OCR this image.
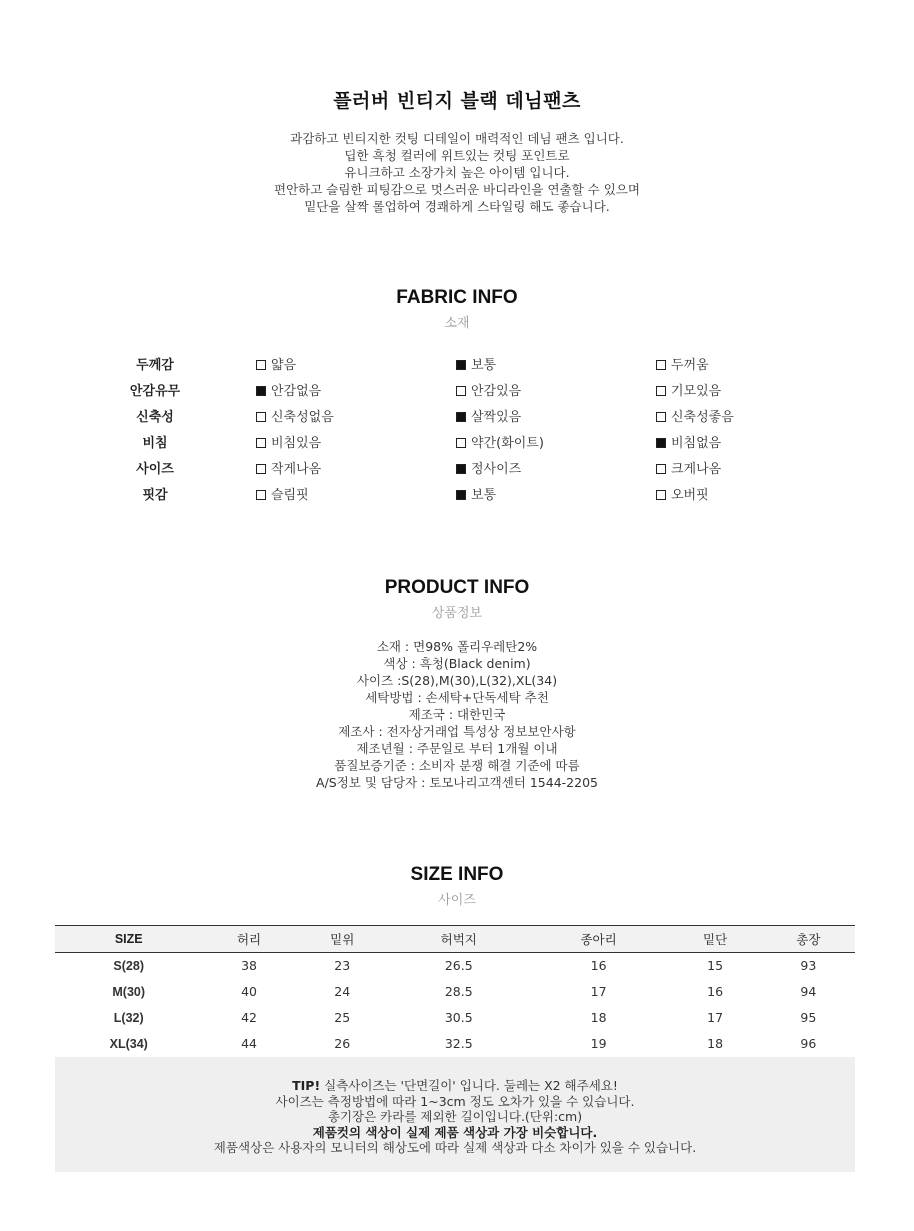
플러버 빈티지 블랙 데님팬츠
과감하고 빈티지한 컷팅 디테일이 매력적인 데님 팬츠 입니다.
딥한 흑청 컬러에 위트있는 컷팅 포인트로
유니크하고 소장가치 높은 아이템 입니다.
편안하고 슬림한 피팅감으로 멋스러운 바디라인을 연출할 수 있으며
밑단을 살짝 롤업하여 경쾌하게 스타일링 해도 좋습니다.
FABRIC INFO
소재
두께감	얇음	보통	두꺼움
안감유무	안감없음	안감있음	기모있음
신축성	신축성없음	살짝있음	신축성좋음
비침	비침있음	약간(화이트)	비침없음
사이즈	작게나옴	정사이즈	크게나옴
핏감	슬림핏	보통	오버핏
PRODUCT INFO
상품정보
소재 : 면98% 폴리우레탄2%
색상 : 흑청(Black denim)
사이즈 :S(28),M(30),L(32),XL(34)
세탁방법 : 손세탁+단독세탁 추천
제조국 : 대한민국
제조사 : 전자상거래업 특성상 정보보안사항
제조년월 : 주문일로 부터 1개월 이내
품질보증기준 : 소비자 분쟁 해결 기준에 따름
A/S정보 및 담당자 : 토모나리고객센터 1544-2205
SIZE INFO
사이즈
SIZE	허리	밑위	허벅지	종아리	밑단	총장
S(28)	38	23	26.5	16	15	93
M(30)	40	24	28.5	17	16	94
L(32)	42	25	30.5	18	17	95
XL(34)	44	26	32.5	19	18	96
TIP! 실측사이즈는 '단면길이' 입니다. 둘레는 X2 해주세요!
사이즈는 측정방법에 따라 1~3cm 정도 오차가 있을 수 있습니다.
총기장은 카라를 제외한 길이입니다.(단위:cm)
제품컷의 색상이 실제 제품 색상과 가장 비슷합니다.
제품색상은 사용자의 모니터의 해상도에 따라 실제 색상과 다소 차이가 있을 수 있습니다.
